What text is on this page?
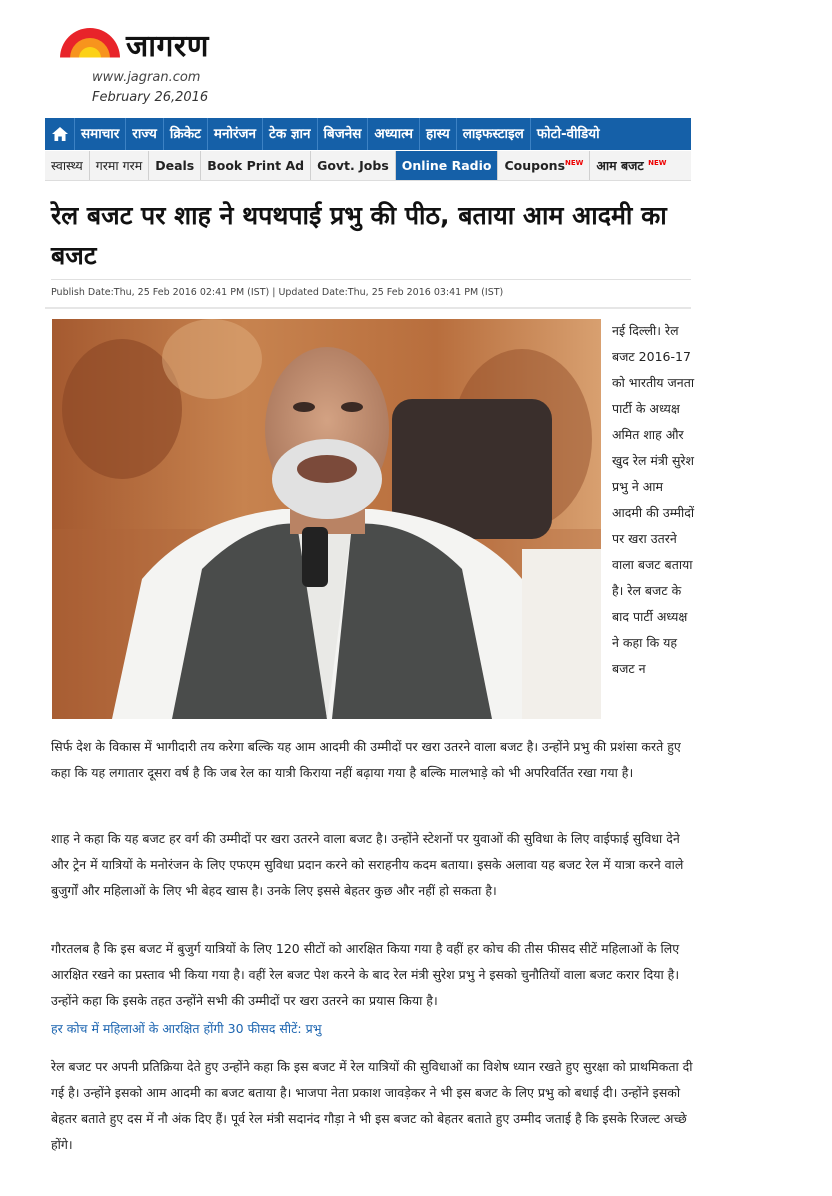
जागरण
www.jagran.com
February 26,2016
समाचार राज्य क्रिकेट मनोरंजन टेक ज्ञान बिजनेस अध्यात्म हास्य लाइफस्टाइल फोटो-वीडियो
स्वास्थ्य	गरमा गरम	Deals	Book Print Ad	Govt. Jobs	Online Radio	Coupons$^{NEW}$	आम बजट $^{NEW}$
रेल बजट पर शाह ने थपथपाई प्रभु की पीठ, बताया आम आदमी का बजट
Publish Date:Thu, 25 Feb 2016 02:41 PM (IST) | Updated Date:Thu, 25 Feb 2016 03:41 PM (IST)
नई दिल्ली। रेल बजट 2016-17 को भारतीय जनता पार्टी के अध्यक्ष अमित शाह और खुद रेल मंत्री सुरेश प्रभु ने आम आदमी की उम्मीदों पर खरा उतरने वाला बजट बताया है। रेल बजट के बाद पार्टी अध्यक्ष ने कहा कि यह बजट न

सिर्फ देश के विकास में भागीदारी तय करेगा बल्कि यह आम आदमी की उम्मीदों पर खरा उतरने वाला बजट है। उन्होंने प्रभु की प्रशंसा करते हुए कहा कि यह लगातार दूसरा वर्ष है कि जब रेल का यात्री किराया नहीं बढ़ाया गया है बल्कि मालभाड़े को भी अपरिवर्तित रखा गया है।

शाह ने कहा कि यह बजट हर वर्ग की उम्मीदों पर खरा उतरने वाला बजट है। उन्होंने स्टेशनों पर युवाओं की सुविधा के लिए वाईफाई सुविधा देने और ट्रेन में यात्रियों के मनोरंजन के लिए एफएम सुविधा प्रदान करने को सराहनीय कदम बताया। इसके अलावा यह बजट रेल में यात्रा करने वाले बुजुर्गों और महिलाओं के लिए भी बेहद खास है। उनके लिए इससे बेहतर कुछ और नहीं हो सकता है।

गौरतलब है कि इस बजट में बुजुर्ग यात्रियों के लिए 120 सीटों को आरक्षित किया गया है वहीं हर कोच की तीस फीसद सीटें महिलाओं के लिए आरक्षित रखने का प्रस्ताव भी किया गया है। वहीं रेल बजट पेश करने के बाद रेल मंत्री सुरेश प्रभु ने इसको चुनौतियों वाला बजट करार दिया है। उन्होंने कहा कि इसके तहत उन्होंने सभी की उम्मीदों पर खरा उतरने का प्रयास किया है।

हर कोच में महिलाओं के आरक्षित होंगी 30 फीसद सीटें: प्रभु

रेल बजट पर अपनी प्रतिक्रिया देते हुए उन्होंने कहा कि इस बजट में रेल यात्रियों की सुविधाओं का विशेष ध्यान रखते हुए सुरक्षा को प्राथमिकता दी गई है। उन्होंने इसको आम आदमी का बजट बताया है। भाजपा नेता प्रकाश जावड़ेकर ने भी इस बजट के लिए प्रभु को बधाई दी। उन्होंने इसको बेहतर बताते हुए दस में नौ अंक दिए हैं। पूर्व रेल मंत्री सदानंद गौड़ा ने भी इस बजट को बेहतर बताते हुए उम्मीद जताई है कि इसके रिजल्ट अच्छे होंगे।
